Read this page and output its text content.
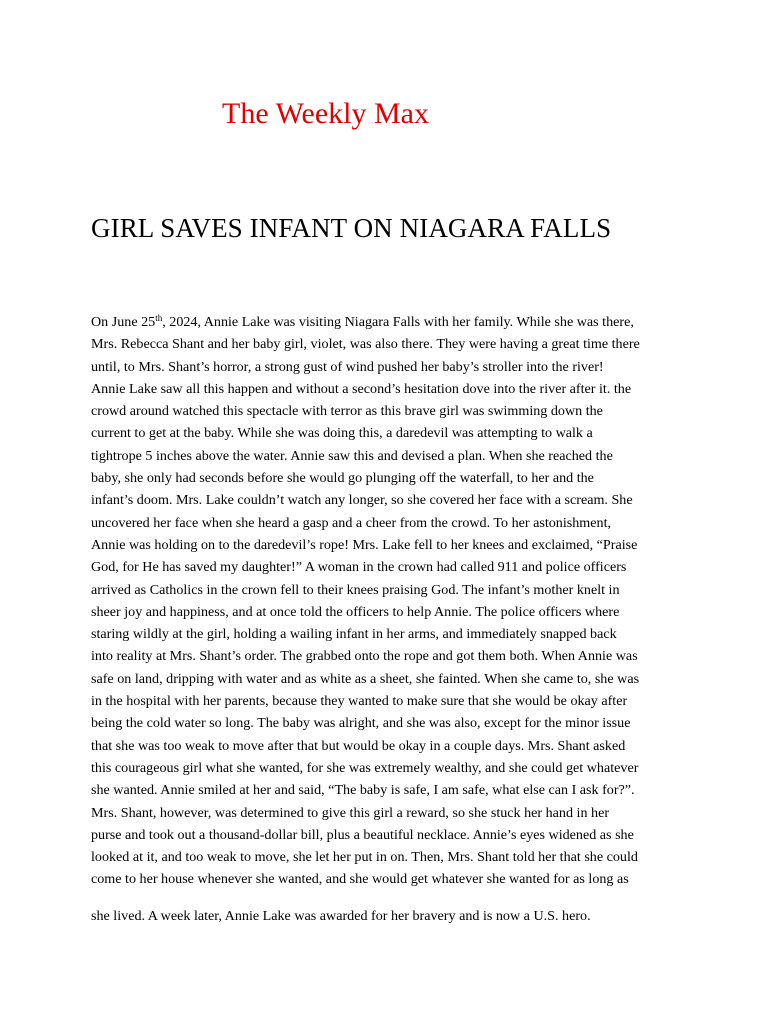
The Weekly Max
GIRL SAVES INFANT ON NIAGARA FALLS
On June 25th, 2024, Annie Lake was visiting Niagara Falls with her family. While she was there,
Mrs. Rebecca Shant and her baby girl, violet, was also there. They were having a great time there
until, to Mrs. Shant’s horror, a strong gust of wind pushed her baby’s stroller into the river!
Annie Lake saw all this happen and without a second’s hesitation dove into the river after it. the
crowd around watched this spectacle with terror as this brave girl was swimming down the
current to get at the baby. While she was doing this, a daredevil was attempting to walk a
tightrope 5 inches above the water. Annie saw this and devised a plan. When she reached the
baby, she only had seconds before she would go plunging off the waterfall, to her and the
infant’s doom. Mrs. Lake couldn’t watch any longer, so she covered her face with a scream. She
uncovered her face when she heard a gasp and a cheer from the crowd. To her astonishment,
Annie was holding on to the daredevil’s rope! Mrs. Lake fell to her knees and exclaimed, “Praise
God, for He has saved my daughter!” A woman in the crown had called 911 and police officers
arrived as Catholics in the crown fell to their knees praising God. The infant’s mother knelt in
sheer joy and happiness, and at once told the officers to help Annie. The police officers where
staring wildly at the girl, holding a wailing infant in her arms, and immediately snapped back
into reality at Mrs. Shant’s order. The grabbed onto the rope and got them both. When Annie was
safe on land, dripping with water and as white as a sheet, she fainted. When she came to, she was
in the hospital with her parents, because they wanted to make sure that she would be okay after
being the cold water so long. The baby was alright, and she was also, except for the minor issue
that she was too weak to move after that but would be okay in a couple days. Mrs. Shant asked
this courageous girl what she wanted, for she was extremely wealthy, and she could get whatever
she wanted. Annie smiled at her and said, “The baby is safe, I am safe, what else can I ask for?”.
Mrs. Shant, however, was determined to give this girl a reward, so she stuck her hand in her
purse and took out a thousand-dollar bill, plus a beautiful necklace. Annie’s eyes widened as she
looked at it, and too weak to move, she let her put in on. Then, Mrs. Shant told her that she could
come to her house whenever she wanted, and she would get whatever she wanted for as long as
she lived. A week later, Annie Lake was awarded for her bravery and is now a U.S. hero.
